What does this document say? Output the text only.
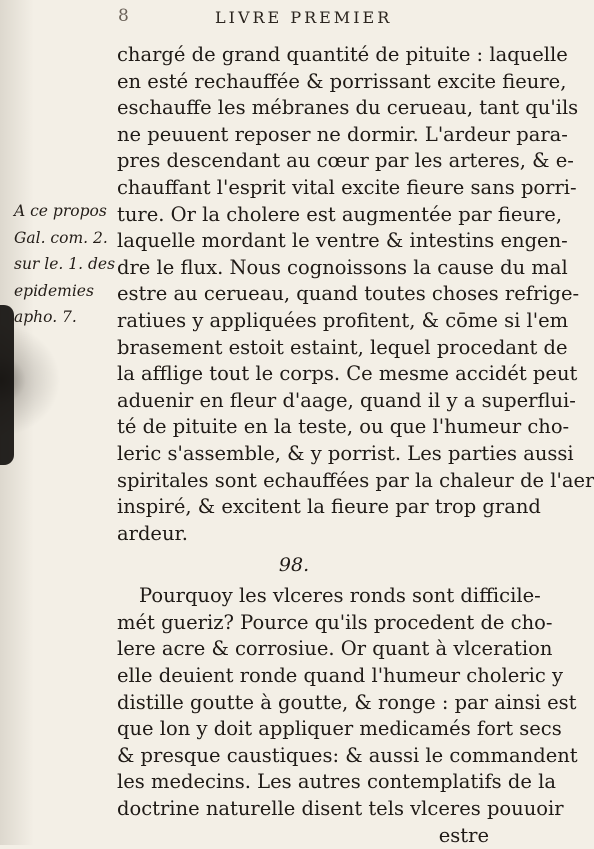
8	LIVRE PREMIER
A ce propos
Gal. com. 2.
sur le. 1. des
epidemies
apho. 7.
chargé de grand quantité de pituite : laquelle
en esté rechauffée & porrissant excite fieure,
eschauffe les mébranes du cerueau, tant qu'ils
ne peuuent reposer ne dormir. L'ardeur para-
pres descendant au cœur par les arteres, & e-
chauffant l'esprit vital excite fieure sans porri-
ture. Or la cholere est augmentée par fieure,
laquelle mordant le ventre & intestins engen-
dre le flux. Nous cognoissons la cause du mal
estre au cerueau, quand toutes choses refrige-
ratiues y appliquées profitent, & cōme si l'em
brasement estoit estaint, lequel procedant de
la afflige tout le corps. Ce mesme accidét peut
aduenir en fleur d'aage, quand il y a superflui-
té de pituite en la teste, ou que l'humeur cho-
leric s'assemble, & y porrist. Les parties aussi
spiritales sont echauffées par la chaleur de l'aer
inspiré, & excitent la fieure par trop grand
ardeur.
98.
Pourquoy les vlceres ronds sont difficile-
mét gueriz? Pource qu'ils procedent de cho-
lere acre & corrosiue. Or quant à vlceration
elle deuient ronde quand l'humeur choleric y
distille goutte à goutte, & ronge : par ainsi est
que lon y doit appliquer medicamés fort secs
& presque caustiques: & aussi le commandent
les medecins. Les autres contemplatifs de la
doctrine naturelle disent tels vlceres pouuoir
estre
